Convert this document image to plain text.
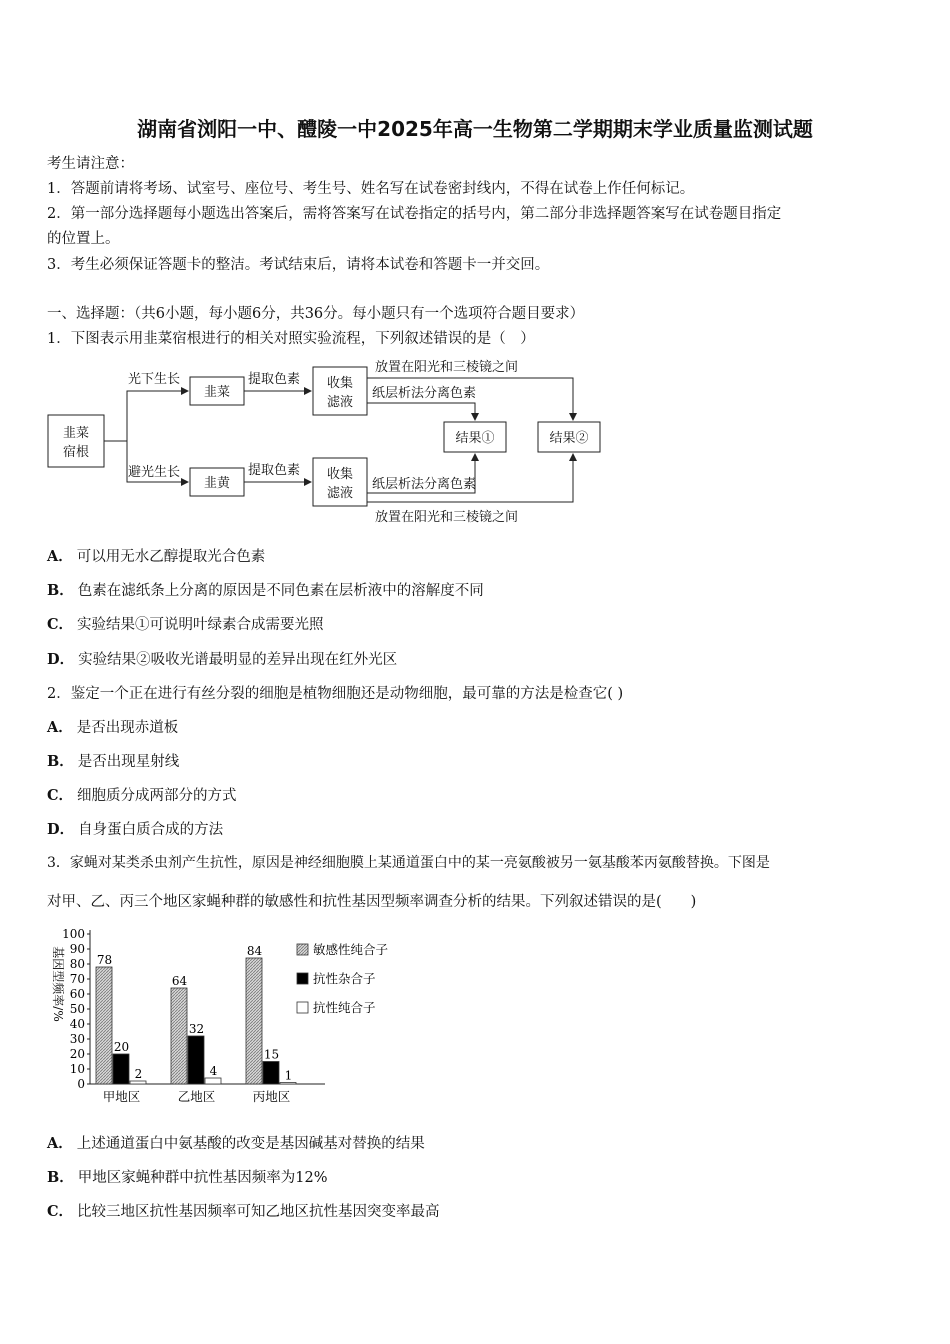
湖南省浏阳一中、醴陵一中2025年高一生物第二学期期末学业质量监测试题
考生请注意：
1．答题前请将考场、试室号、座位号、考生号、姓名写在试卷密封线内，不得在试卷上作任何标记。
2．第一部分选择题每小题选出答案后，需将答案写在试卷指定的括号内，第二部分非选择题答案写在试卷题目指定
的位置上。
3．考生必须保证答题卡的整洁。考试结束后，请将本试卷和答题卡一并交回。
一、选择题：（共6小题，每小题6分，共36分。每小题只有一个选项符合题目要求）
1．下图表示用韭菜宿根进行的相关对照实验流程，下列叙述错误的是（　）
韭菜
宿根
光下生长
避光生长
韭菜
韭黄
提取色素
提取色素
收集
滤液
收集
滤液
放置在阳光和三棱镜之间
纸层析法分离色素
纸层析法分离色素
放置在阳光和三棱镜之间
结果①	结果②
A． 可以用无水乙醇提取光合色素
B． 色素在滤纸条上分离的原因是不同色素在层析液中的溶解度不同
C． 实验结果①可说明叶绿素合成需要光照
D． 实验结果②吸收光谱最明显的差异出现在红外光区
2．鉴定一个正在进行有丝分裂的细胞是植物细胞还是动物细胞，最可靠的方法是检查它( )
A． 是否出现赤道板
B． 是否出现星射线
C． 细胞质分成两部分的方式
D． 自身蛋白质合成的方法
3．家蝇对某类杀虫剂产生抗性，原因是神经细胞膜上某通道蛋白中的某一亮氨酸被另一氨基酸苯丙氨酸替换。下图是
对甲、乙、丙三个地区家蝇种群的敏感性和抗性基因型频率调查分析的结果。下列叙述错误的是(　　)
0
10
20
30
40
50
60
70
80
90
100
78
20
2
甲地区
64
32
4
乙地区
84
15
1
丙地区
敏感性纯合子
抗性杂合子
抗性纯合子
基因型频率/%
A． 上述通道蛋白中氨基酸的改变是基因碱基对替换的结果
B． 甲地区家蝇种群中抗性基因频率为12%
C． 比较三地区抗性基因频率可知乙地区抗性基因突变率最高
